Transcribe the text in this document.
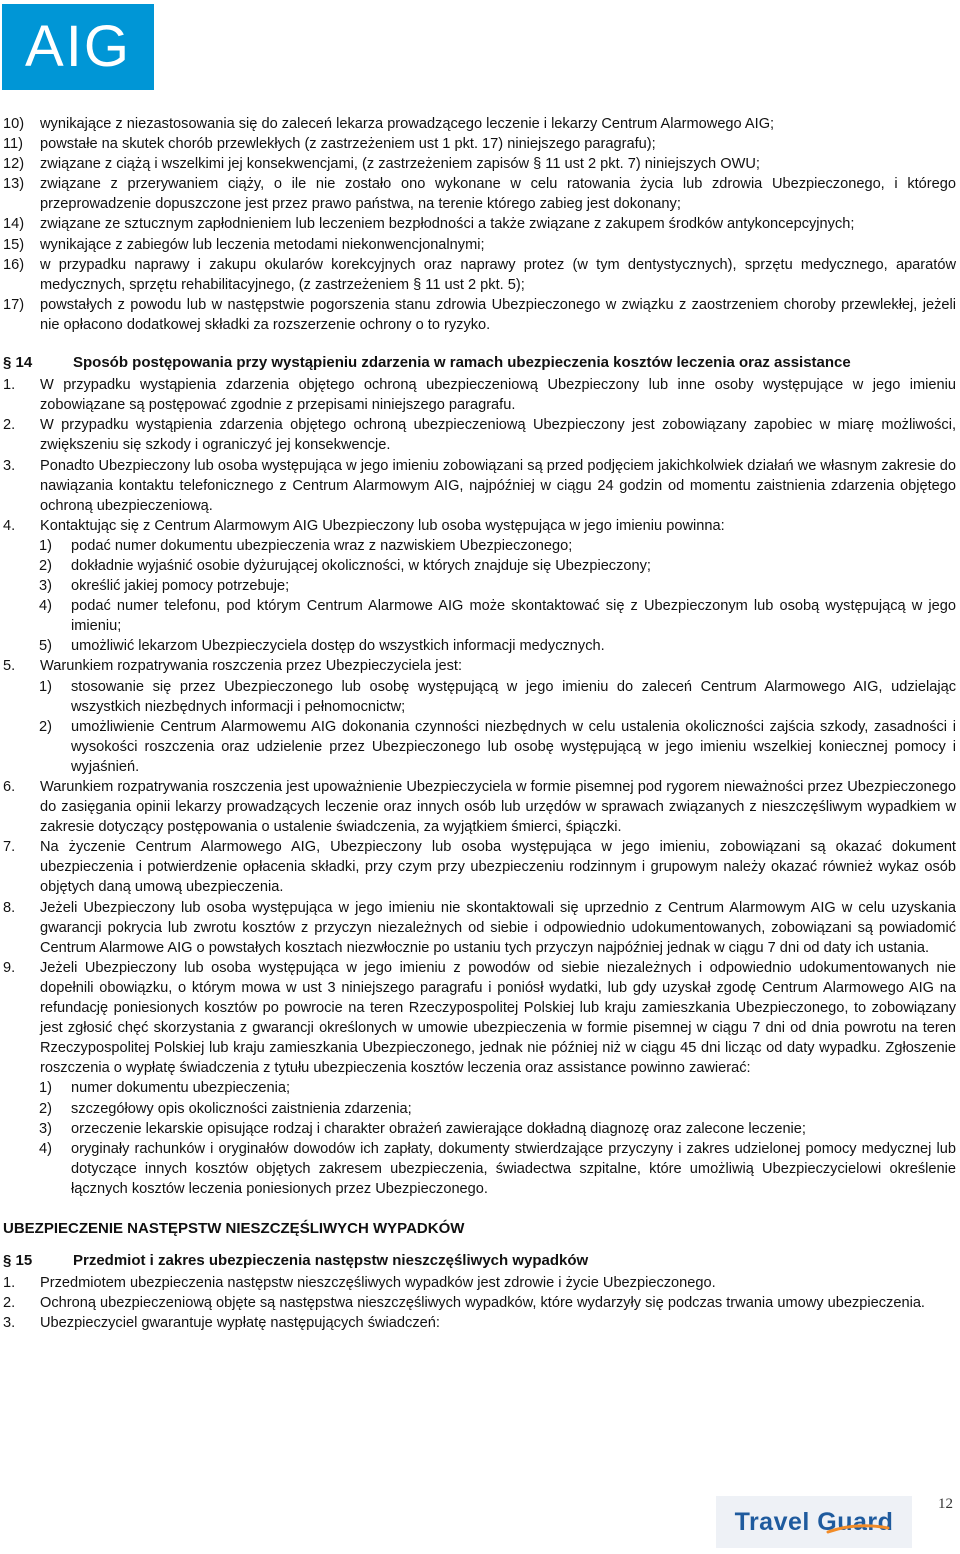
AIG
10) wynikające z niezastosowania się do zaleceń lekarza prowadzącego leczenie i lekarzy Centrum Alarmowego AIG;
11) powstałe na skutek chorób przewlekłych (z zastrzeżeniem ust 1 pkt. 17) niniejszego paragrafu);
12) związane z ciążą i wszelkimi jej konsekwencjami, (z zastrzeżeniem zapisów § 11 ust 2 pkt. 7) niniejszych OWU;
13) związane z przerywaniem ciąży, o ile nie zostało ono wykonane w celu ratowania życia lub zdrowia Ubezpieczonego, i którego przeprowadzenie dopuszczone jest przez prawo państwa, na terenie którego zabieg jest dokonany;
14) związane ze sztucznym zapłodnieniem lub leczeniem bezpłodności a także związane z zakupem środków antykoncepcyjnych;
15) wynikające z zabiegów lub leczenia metodami niekonwencjonalnymi;
16) w przypadku naprawy i zakupu okularów korekcyjnych oraz naprawy protez (w tym dentystycznych), sprzętu medycznego, aparatów medycznych, sprzętu rehabilitacyjnego, (z zastrzeżeniem § 11 ust 2 pkt. 5);
17) powstałych z powodu lub w następstwie pogorszenia stanu zdrowia Ubezpieczonego w związku z zaostrzeniem choroby przewlekłej, jeżeli nie opłacono dodatkowej składki za rozszerzenie ochrony o to ryzyko.
§ 14	Sposób postępowania przy wystąpieniu zdarzenia w ramach ubezpieczenia kosztów leczenia oraz assistance
1. W przypadku wystąpienia zdarzenia objętego ochroną ubezpieczeniową Ubezpieczony lub inne osoby występujące w jego imieniu zobowiązane są postępować zgodnie z przepisami niniejszego paragrafu.
2. W przypadku wystąpienia zdarzenia objętego ochroną ubezpieczeniową Ubezpieczony jest zobowiązany zapobiec w miarę możliwości, zwiększeniu się szkody i ograniczyć jej konsekwencje.
3. Ponadto Ubezpieczony lub osoba występująca w jego imieniu zobowiązani są przed podjęciem jakichkolwiek działań we własnym zakresie do nawiązania kontaktu telefonicznego z Centrum Alarmowym AIG, najpóźniej w ciągu 24 godzin od momentu zaistnienia zdarzenia objętego ochroną ubezpieczeniową.
4. Kontaktując się z Centrum Alarmowym AIG Ubezpieczony lub osoba występująca w jego imieniu powinna:
1) podać numer dokumentu ubezpieczenia wraz z nazwiskiem Ubezpieczonego;
2) dokładnie wyjaśnić osobie dyżurującej okoliczności, w których znajduje się Ubezpieczony;
3) określić jakiej pomocy potrzebuje;
4) podać numer telefonu, pod którym Centrum Alarmowe AIG może skontaktować się z Ubezpieczonym lub osobą występującą w jego imieniu;
5) umożliwić lekarzom Ubezpieczyciela dostęp do wszystkich informacji medycznych.
5. Warunkiem rozpatrywania roszczenia przez Ubezpieczyciela jest:
1) stosowanie się przez Ubezpieczonego lub osobę występującą w jego imieniu do zaleceń Centrum Alarmowego AIG, udzielając wszystkich niezbędnych informacji i pełnomocnictw;
2) umożliwienie Centrum Alarmowemu AIG dokonania czynności niezbędnych w celu ustalenia okoliczności zajścia szkody, zasadności i wysokości roszczenia oraz udzielenie przez Ubezpieczonego lub osobę występującą w jego imieniu wszelkiej koniecznej pomocy i wyjaśnień.
6. Warunkiem rozpatrywania roszczenia jest upoważnienie Ubezpieczyciela w formie pisemnej pod rygorem nieważności przez Ubezpieczonego do zasięgania opinii lekarzy prowadzących leczenie oraz innych osób lub urzędów w sprawach związanych z nieszczęśliwym wypadkiem w zakresie dotyczący postępowania o ustalenie świadczenia, za wyjątkiem śmierci, śpiączki.
7. Na życzenie Centrum Alarmowego AIG, Ubezpieczony lub osoba występująca w jego imieniu, zobowiązani są okazać dokument ubezpieczenia i potwierdzenie opłacenia składki, przy czym przy ubezpieczeniu rodzinnym i grupowym należy okazać również wykaz osób objętych daną umową ubezpieczenia.
8. Jeżeli Ubezpieczony lub osoba występująca w jego imieniu nie skontaktowali się uprzednio z Centrum Alarmowym AIG w celu uzyskania gwarancji pokrycia lub zwrotu kosztów z przyczyn niezależnych od siebie i odpowiednio udokumentowanych, zobowiązani są powiadomić Centrum Alarmowe AIG o powstałych kosztach niezwłocznie po ustaniu tych przyczyn najpóźniej jednak w ciągu 7 dni od daty ich ustania.
9. Jeżeli Ubezpieczony lub osoba występująca w jego imieniu z powodów od siebie niezależnych i odpowiednio udokumentowanych nie dopełnili obowiązku, o którym mowa w ust 3 niniejszego paragrafu i poniósł wydatki, lub gdy uzyskał zgodę Centrum Alarmowego AIG na refundację poniesionych kosztów po powrocie na teren Rzeczypospolitej Polskiej lub kraju zamieszkania Ubezpieczonego, to zobowiązany jest zgłosić chęć skorzystania z gwarancji określonych w umowie ubezpieczenia w formie pisemnej w ciągu 7 dni od dnia powrotu na teren Rzeczypospolitej Polskiej lub kraju zamieszkania Ubezpieczonego, jednak nie później niż w ciągu 45 dni licząc od daty wypadku. Zgłoszenie roszczenia o wypłatę świadczenia z tytułu ubezpieczenia kosztów leczenia oraz assistance powinno zawierać:
1) numer dokumentu ubezpieczenia;
2) szczegółowy opis okoliczności zaistnienia zdarzenia;
3) orzeczenie lekarskie opisujące rodzaj i charakter obrażeń zawierające dokładną diagnozę oraz zalecone leczenie;
4) oryginały rachunków i oryginałów dowodów ich zapłaty, dokumenty stwierdzające przyczyny i zakres udzielonej pomocy medycznej lub dotyczące innych kosztów objętych zakresem ubezpieczenia, świadectwa szpitalne, które umożliwią Ubezpieczycielowi określenie łącznych kosztów leczenia poniesionych przez Ubezpieczonego.
UBEZPIECZENIE NASTĘPSTW NIESZCZĘŚLIWYCH WYPADKÓW
§ 15	Przedmiot i zakres ubezpieczenia następstw nieszczęśliwych wypadków
1. Przedmiotem ubezpieczenia następstw nieszczęśliwych wypadków jest zdrowie i życie Ubezpieczonego.
2. Ochroną ubezpieczeniową objęte są następstwa nieszczęśliwych wypadków, które wydarzyły się podczas trwania umowy ubezpieczenia.
3. Ubezpieczyciel gwarantuje wypłatę następujących świadczeń:
Travel Guard
12
